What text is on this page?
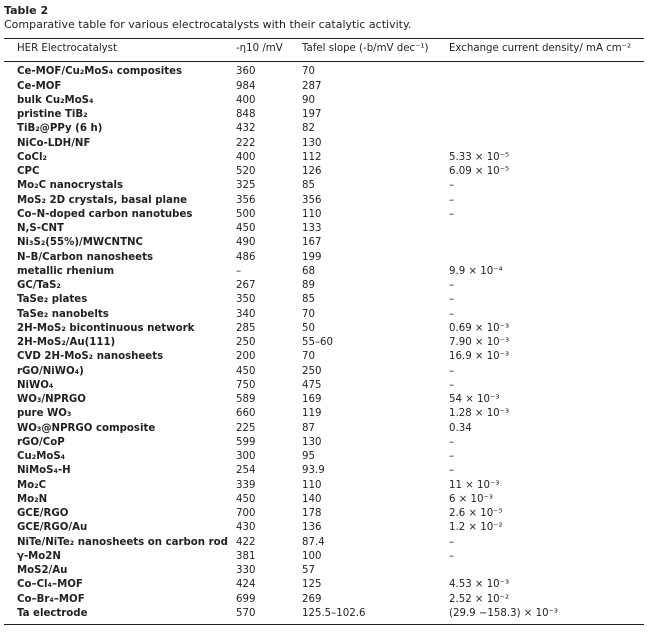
Table 2
Comparative table for various electrocatalysts with their catalytic activity.
HER Electrocatalyst	-η10 /mV	Tafel slope (-b/mV dec⁻¹)	Exchange current density/ mA cm⁻²
Ce-MOF/Cu₂MoS₄ composites	360	70	
Ce-MOF	984	287	
bulk Cu₂MoS₄	400	90	
pristine TiB₂	848	197	
TiB₂@PPy (6 h)	432	82	
NiCo-LDH/NF	222	130	
CoCl₂	400	112	5.33 × 10⁻⁵
CPC	520	126	6.09 × 10⁻⁵
Mo₂C nanocrystals	325	85	–
MoS₂ 2D crystals, basal plane	356	356	–
Co–N-doped carbon nanotubes	500	110	–
N,S-CNT	450	133	
Ni₃S₂(55%)/MWCNTNC	490	167	
N–B/Carbon nanosheets	486	199	
metallic rhenium	–	68	9.9 × 10⁻⁴
GC/TaS₂	267	89	–
TaSe₂ plates	350	85	–
TaSe₂ nanobelts	340	70	–
2H-MoS₂ bicontinuous network	285	50	0.69 × 10⁻³
2H-MoS₂/Au(111)	250	55–60	7.90 × 10⁻³
CVD 2H-MoS₂ nanosheets	200	70	16.9 × 10⁻³
rGO/NiWO₄)	450	250	–
NiWO₄	750	475	–
WO₃/NPRGO	589	169	54 × 10⁻³
pure WO₃	660	119	1.28 × 10⁻³
WO₃@NPRGO composite	225	87	0.34
rGO/CoP	599	130	–
Cu₂MoS₄	300	95	–
NiMoS₄-H	254	93.9	–
Mo₂C	339	110	11 × 10⁻³
Mo₂N	450	140	6 × 10⁻³
GCE/RGO	700	178	2.6 × 10⁻⁵
GCE/RGO/Au	430	136	1.2 × 10⁻²
NiTe/NiTe₂ nanosheets on carbon rod	422	87.4	–
γ-Mo2N	381	100	–
MoS2/Au	330	57	
Co–Cl₄–MOF	424	125	4.53 × 10⁻³
Co–Br₄–MOF	699	269	2.52 × 10⁻²
Ta electrode	570	125.5–102.6	(29.9 −158.3) × 10⁻³
